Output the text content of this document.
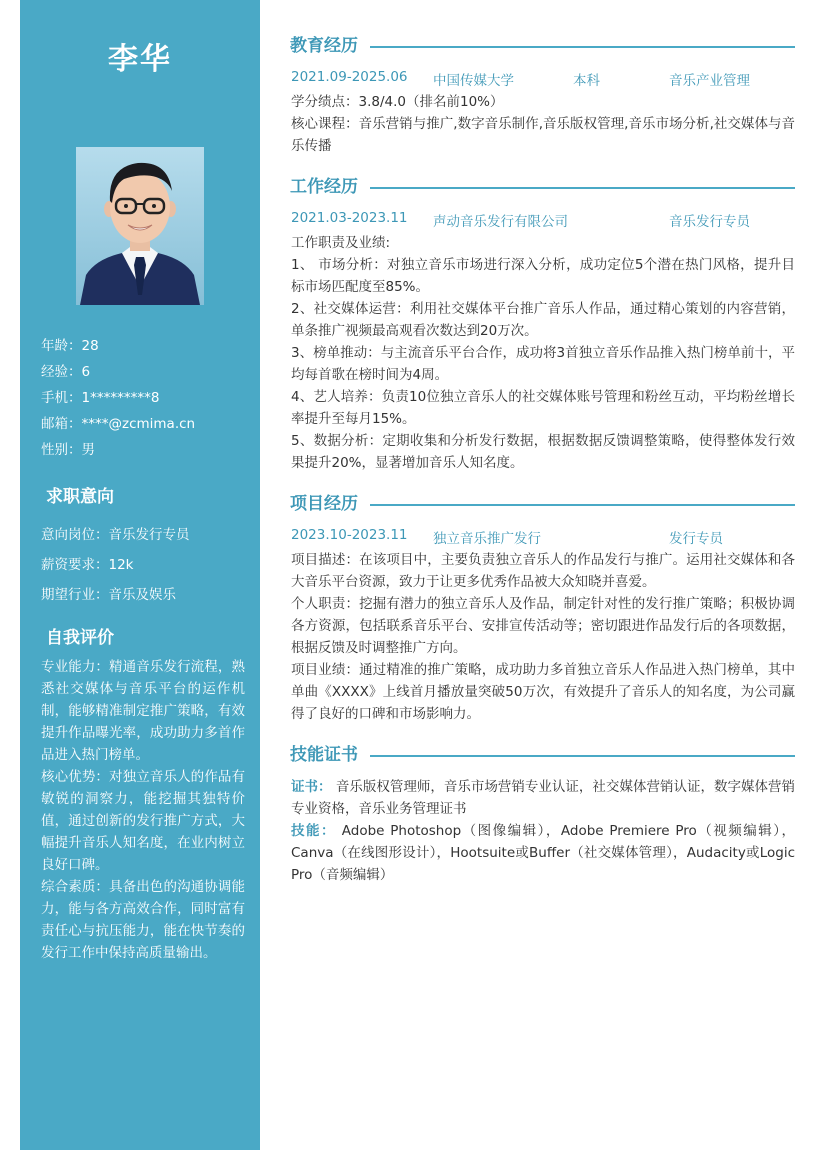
李华
年龄：28
经验：6
手机：1*********8
邮箱：****@zcmima.cn
性别：男
求职意向
意向岗位：音乐发行专员
薪资要求：12k
期望行业：音乐及娱乐
自我评价

专业能力：精通音乐发行流程，熟悉社交媒体与音乐平台的运作机制，能够精准制定推广策略，有效提升作品曝光率，成功助力多首作品进入热门榜单。

核心优势：对独立音乐人的作品有敏锐的洞察力，能挖掘其独特价值，通过创新的发行推广方式，大幅提升音乐人知名度，在业内树立良好口碑。

综合素质：具备出色的沟通协调能力，能与各方高效合作，同时富有责任心与抗压能力，能在快节奏的发行工作中保持高质量输出。

教育经历
2021.09-2025.06 中国传媒大学	本科	音乐产业管理

学分绩点：3.8/4.0（排名前10%）

核心课程：音乐营销与推广,数字音乐制作,音乐版权管理,音乐市场分析,社交媒体与音乐传播

工作经历
2021.03-2023.11 声动音乐发行有限公司	音乐发行专员

工作职责及业绩:

1、 市场分析：对独立音乐市场进行深入分析，成功定位5个潜在热门风格，提升目标市场匹配度至85%。

2、社交媒体运营：利用社交媒体平台推广音乐人作品，通过精心策划的内容营销，单条推广视频最高观看次数达到20万次。

3、榜单推动：与主流音乐平台合作，成功将3首独立音乐作品推入热门榜单前十，平均每首歌在榜时间为4周。

4、艺人培养：负责10位独立音乐人的社交媒体账号管理和粉丝互动，平均粉丝增长率提升至每月15%。

5、数据分析：定期收集和分析发行数据，根据数据反馈调整策略，使得整体发行效果提升20%，显著增加音乐人知名度。

项目经历
2023.10-2023.11 独立音乐推广发行	发行专员

项目描述：在该项目中，主要负责独立音乐人的作品发行与推广。运用社交媒体和各大音乐平台资源，致力于让更多优秀作品被大众知晓并喜爱。

个人职责：挖掘有潜力的独立音乐人及作品，制定针对性的发行推广策略；积极协调各方资源，包括联系音乐平台、安排宣传活动等；密切跟进作品发行后的各项数据，根据反馈及时调整推广方向。

项目业绩：通过精准的推广策略，成功助力多首独立音乐人作品进入热门榜单，其中单曲《XXXX》上线首月播放量突破50万次，有效提升了音乐人的知名度，为公司赢得了良好的口碑和市场影响力。

技能证书

证书： 音乐版权管理师，音乐市场营销专业认证，社交媒体营销认证，数字媒体营销专业资格，音乐业务管理证书

技能： Adobe Photoshop（图像编辑），Adobe Premiere Pro（视频编辑），Canva（在线图形设计），Hootsuite或Buffer（社交媒体管理），Audacity或Logic Pro（音频编辑）
